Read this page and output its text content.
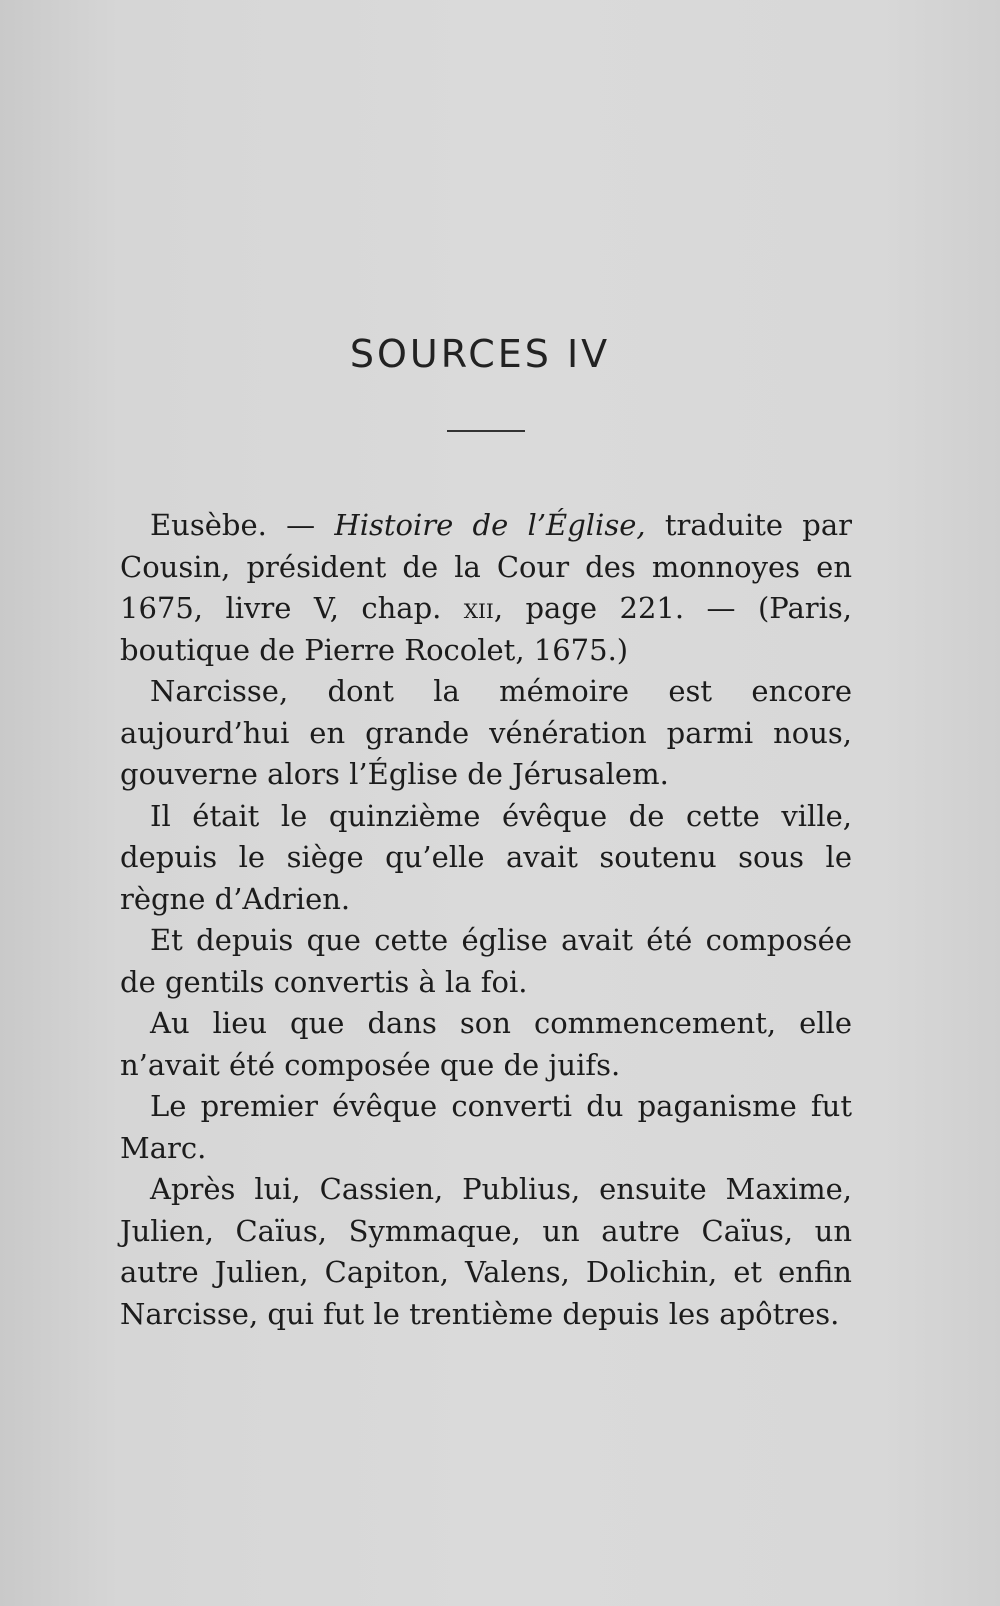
SOURCES IV

Eusèbe. — Histoire de l’Église, traduite par Cousin, président de la Cour des monnoyes en 1675, livre V, chap. xii, page 221. — (Paris, boutique de Pierre Rocolet, 1675.)

Narcisse, dont la mémoire est encore aujourd’hui en grande vénération parmi nous, gouverne alors l’Église de Jérusalem.

Il était le quinzième évêque de cette ville, depuis le siège qu’elle avait soutenu sous le règne d’Adrien.

Et depuis que cette église avait été composée de gentils convertis à la foi.

Au lieu que dans son commencement, elle n’avait été composée que de juifs.

Le premier évêque converti du paganisme fut Marc.

Après lui, Cassien, Publius, ensuite Maxime, Julien, Caïus, Symmaque, un autre Caïus, un autre Julien, Capiton, Valens, Dolichin, et enfin Narcisse, qui fut le trentième depuis les apôtres.
